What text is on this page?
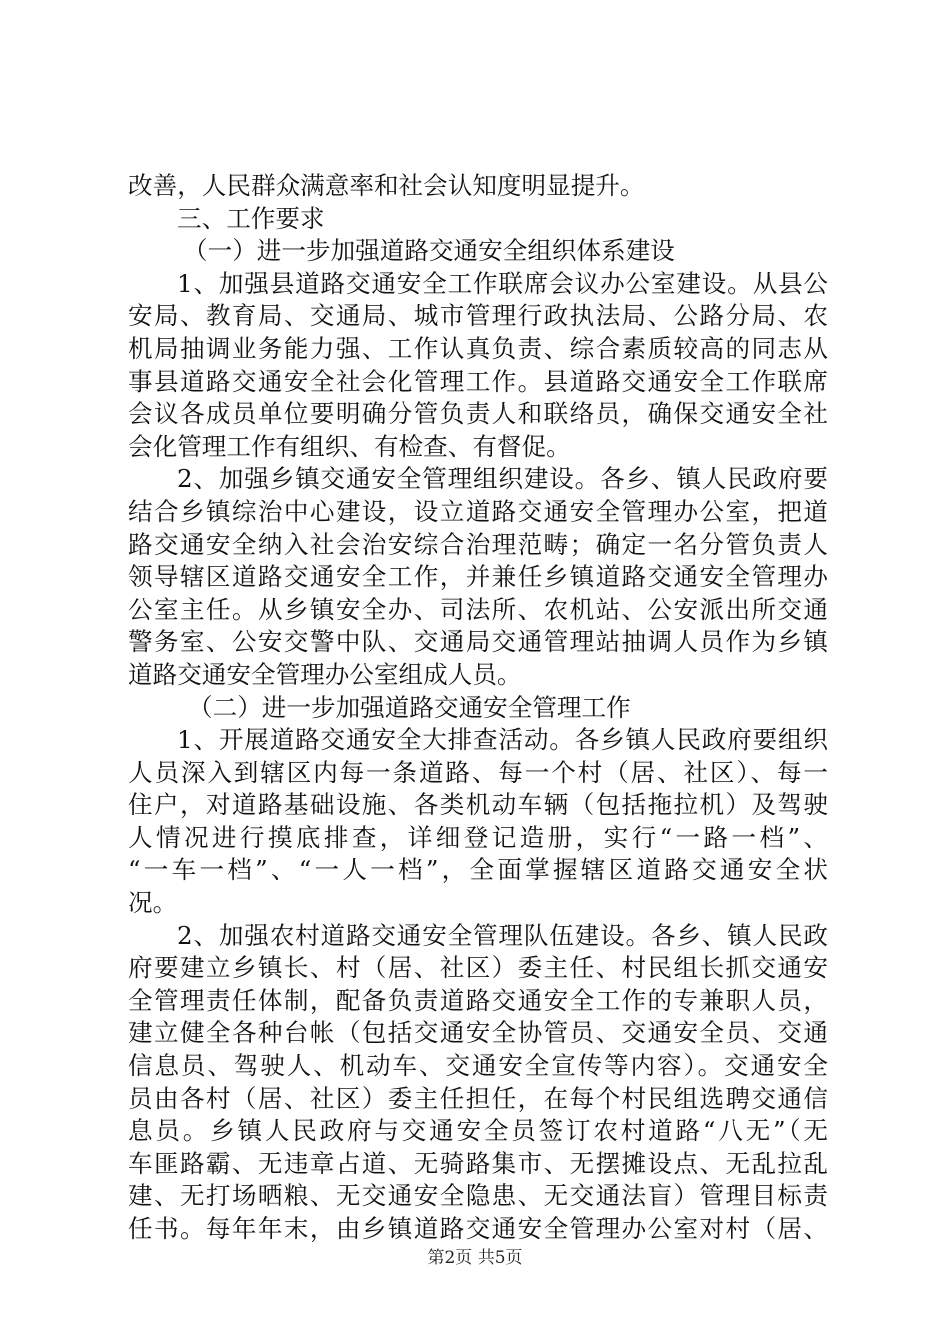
改善，人民群众满意率和社会认知度明显提升。
三、工作要求
（一）进一步加强道路交通安全组织体系建设
1、加强县道路交通安全工作联席会议办公室建设。从县公
安局、教育局、交通局、城市管理行政执法局、公路分局、农
机局抽调业务能力强、工作认真负责、综合素质较高的同志从
事县道路交通安全社会化管理工作。县道路交通安全工作联席
会议各成员单位要明确分管负责人和联络员，确保交通安全社
会化管理工作有组织、有检查、有督促。
2、加强乡镇交通安全管理组织建设。各乡、镇人民政府要
结合乡镇综治中心建设，设立道路交通安全管理办公室，把道
路交通安全纳入社会治安综合治理范畴；确定一名分管负责人
领导辖区道路交通安全工作，并兼任乡镇道路交通安全管理办
公室主任。从乡镇安全办、司法所、农机站、公安派出所交通
警务室、公安交警中队、交通局交通管理站抽调人员作为乡镇
道路交通安全管理办公室组成人员。
（二）进一步加强道路交通安全管理工作
1、开展道路交通安全大排查活动。各乡镇人民政府要组织
人员深入到辖区内每一条道路、每一个村（居、社区）、每一
住户，对道路基础设施、各类机动车辆（包括拖拉机）及驾驶
人情况进行摸底排查，详细登记造册，实行“一路一档”、
“一车一档”、“一人一档”，全面掌握辖区道路交通安全状
况。
2、加强农村道路交通安全管理队伍建设。各乡、镇人民政
府要建立乡镇长、村（居、社区）委主任、村民组长抓交通安
全管理责任体制，配备负责道路交通安全工作的专兼职人员，
建立健全各种台帐（包括交通安全协管员、交通安全员、交通
信息员、驾驶人、机动车、交通安全宣传等内容）。交通安全
员由各村（居、社区）委主任担任，在每个村民组选聘交通信
息员。乡镇人民政府与交通安全员签订农村道路“八无”（无
车匪路霸、无违章占道、无骑路集市、无摆摊设点、无乱拉乱
建、无打场晒粮、无交通安全隐患、无交通法盲）管理目标责
任书。每年年末，由乡镇道路交通安全管理办公室对村（居、
第2页 共5页
